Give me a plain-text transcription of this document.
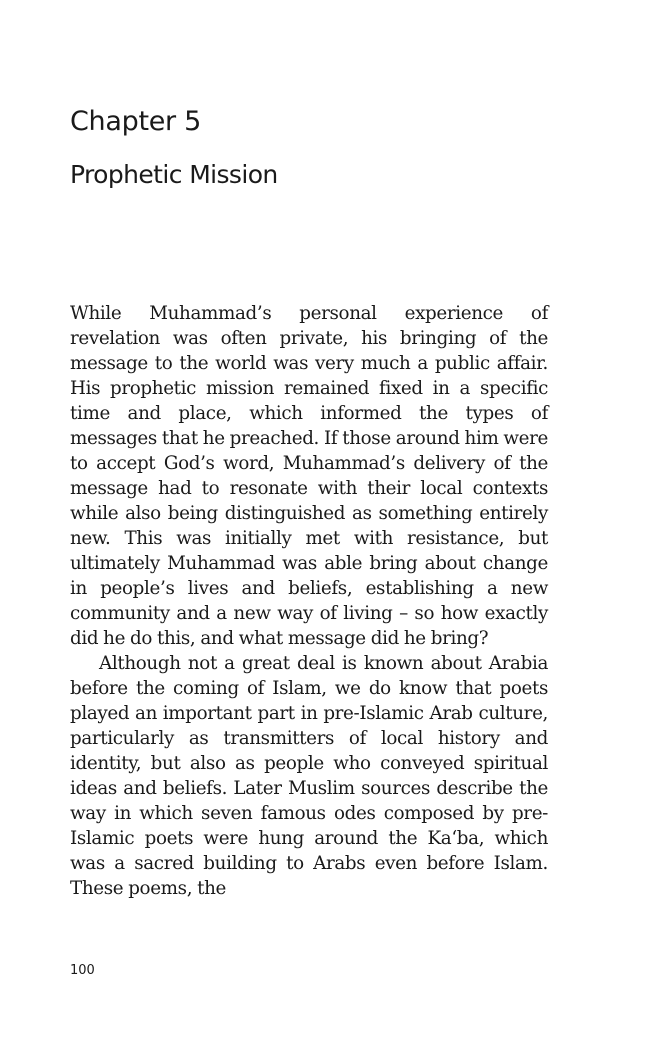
Chapter 5
Prophetic Mission

While Muhammad’s personal experience of revelation was often private, his bringing of the message to the world was very much a public affair. His prophetic mission remained fixed in a specific time and place, which informed the types of messages that he preached. If those around him were to accept God’s word, Muhammad’s delivery of the message had to resonate with their local contexts while also being distinguished as something entirely new. This was initially met with resistance, but ultimately Muhammad was able bring about change in people’s lives and beliefs, establishing a new community and a new way of living – so how exactly did he do this, and what message did he bring?

Although not a great deal is known about Arabia before the coming of Islam, we do know that poets played an important part in pre-Islamic Arab culture, particularly as transmitters of local history and identity, but also as people who conveyed spiritual ideas and beliefs. Later Muslim sources describe the way in which seven famous odes composed by pre-Islamic poets were hung around the Ka‘ba, which was a sacred building to Arabs even before Islam. These poems, the

100
